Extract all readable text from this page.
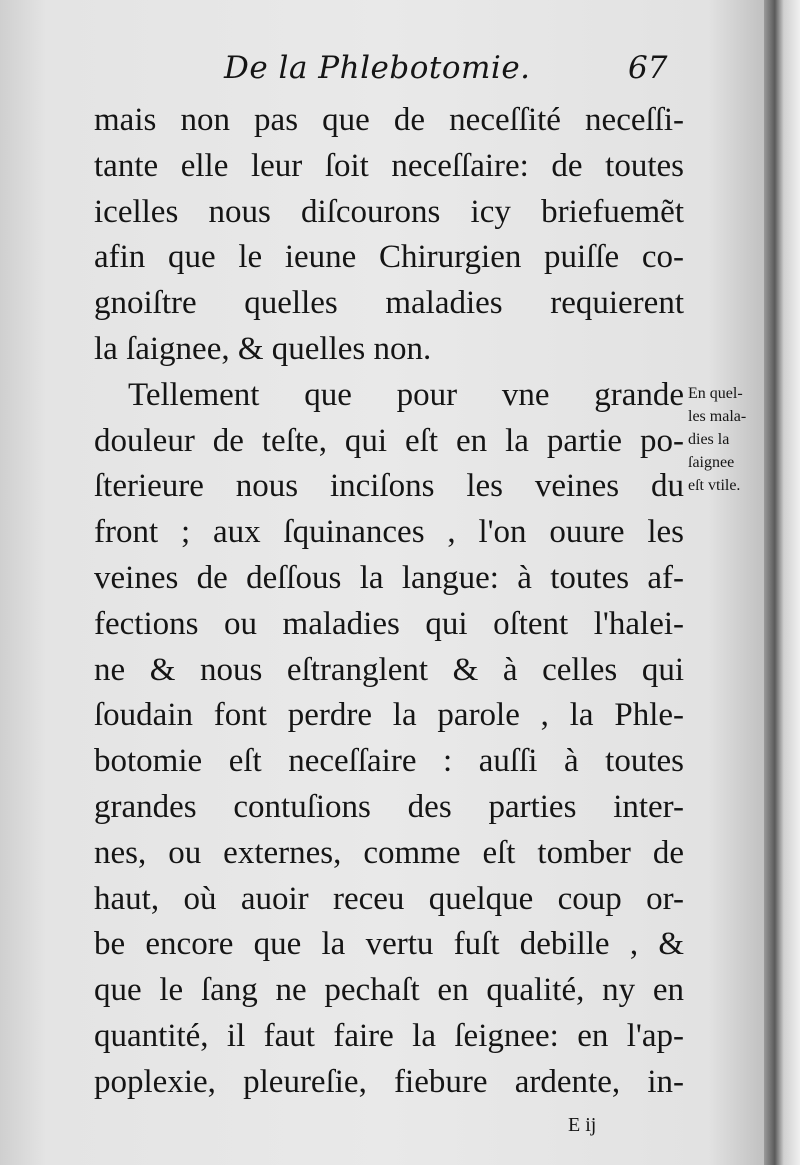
De la Phlebotomie.	67
mais non pas que de neceſſité neceſſi-
tante elle leur ſoit neceſſaire: de toutes
icelles nous diſcourons icy briefuemẽt
afin que le ieune Chirurgien puiſſe co-
gnoiſtre quelles maladies requierent
la ſaignee, & quelles non.
Tellement que pour vne grande
douleur de teſte, qui eſt en la partie po-
ſterieure nous inciſons les veines du
front ; aux ſquinances , l'on ouure les
veines de deſſous la langue: à toutes af-
fections ou maladies qui oſtent l'halei-
ne & nous eſtranglent & à celles qui
ſoudain font perdre la parole , la Phle-
botomie eſt neceſſaire : auſſi à toutes
grandes contuſions des parties inter-
nes, ou externes, comme eſt tomber de
haut, où auoir receu quelque coup or-
be encore que la vertu fuſt debille , &
que le ſang ne pechaſt en qualité, ny en
quantité, il faut faire la ſeignee: en l'ap-
poplexie, pleureſie, fiebure ardente, in-
En quel-
les mala-
dies la
ſaignee
eſt vtile.
E ij
